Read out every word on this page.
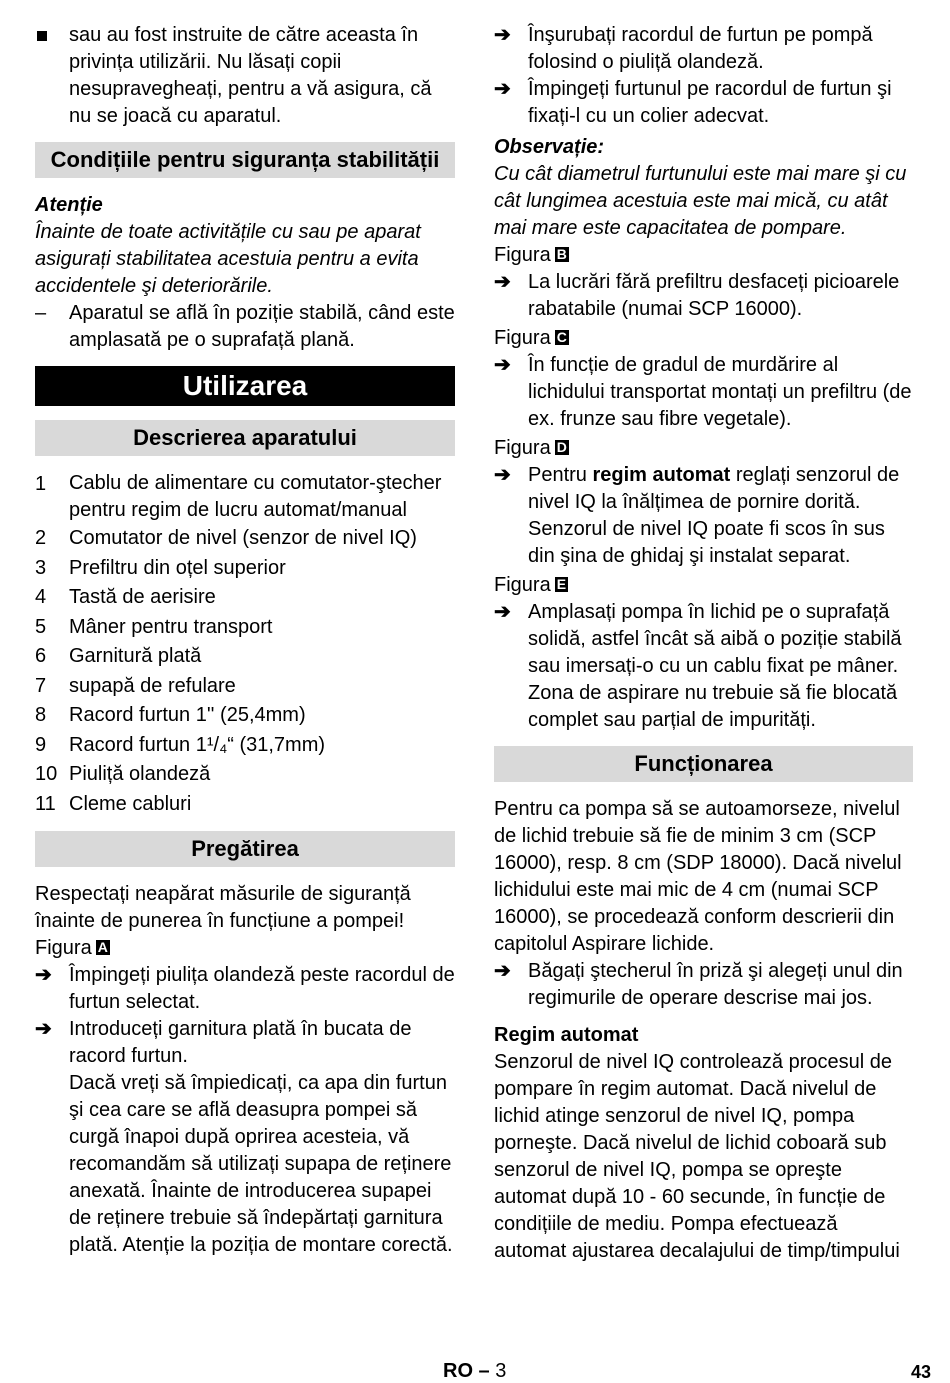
sau au fost instruite de către aceasta în privința utilizării. Nu lăsați copii nesupravegheați, pentru a vă asigura, că nu se joacă cu aparatul.
Condițiile pentru siguranța stabilității

Atenție

Înainte de toate activitățile cu sau pe aparat asigurați stabilitatea acestuia pentru a evita accidentele şi deteriorările.

–	Aparatul se află în poziție stabilă, când este amplasată pe o suprafață plană.
Utilizarea
Descrierea aparatului
1	Cablu de alimentare cu comutator-ştecher pentru regim de lucru automat/manual
2	Comutator de nivel (senzor de nivel IQ)
3	Prefiltru din oțel superior
4	Tastă de aerisire
5	Mâner pentru transport
6	Garnitură plată
7	supapă de refulare
8	Racord furtun 1'' (25,4mm)
9	Racord furtun 1¹/₄“ (31,7mm)
10 Piuliță olandeză
11 Cleme cabluri
Pregătirea

Respectați neapărat măsurile de siguranță înainte de punerea în funcțiune a pompei!

Figura A

➔ Împingeți piulița olandeză peste racordul de furtun selectat.
➔ Introduceți garnitura plată în bucata de racord furtun.
Dacă vreți să împiedicați, ca apa din furtun şi cea care se află deasupra pompei să curgă înapoi după oprirea acesteia, vă recomandăm să utilizați supapa de reținere anexată. Înainte de introducerea supapei de reținere trebuie să îndepărtați garnitura plată. Atenție la poziția de montare corectă.
➔ Înşurubați racordul de furtun pe pompă folosind o piuliță olandeză.
➔ Împingeți furtunul pe racordul de furtun şi fixați-l cu un colier adecvat.

Observație:

Cu cât diametrul furtunului este mai mare şi cu cât lungimea acestuia este mai mică, cu atât mai mare este capacitatea de pompare.

Figura B

➔ La lucrări fără prefiltru desfaceți picioarele rabatabile (numai SCP 16000).

Figura C

➔ În funcție de gradul de murdărire al lichidului transportat montați un prefiltru (de ex. frunze sau fibre vegetale).

Figura D

➔ Pentru regim automat reglați senzorul de nivel IQ la înălțimea de pornire dorită.
Senzorul de nivel IQ poate fi scos în sus din şina de ghidaj şi instalat separat.

Figura E

➔ Amplasați pompa în lichid pe o suprafață solidă, astfel încât să aibă o poziție stabilă sau imersați-o cu un cablu fixat pe mâner.
Zona de aspirare nu trebuie să fie blocată complet sau parțial de impurități.
Funcționarea

Pentru ca pompa să se autoamorseze, nivelul de lichid trebuie să fie de minim 3 cm (SCP 16000), resp. 8 cm (SDP 18000). Dacă nivelul lichidului este mai mic de 4 cm (numai SCP 16000), se procedează conform descrierii din capitolul Aspirare lichide.

➔ Băgați ştecherul în priză şi alegeți unul din regimurile de operare descrise mai jos.

Regim automat

Senzorul de nivel IQ controlează procesul de pompare în regim automat. Dacă nivelul de lichid atinge senzorul de nivel IQ, pompa porneşte. Dacă nivelul de lichid coboară sub senzorul de nivel IQ, pompa se opreşte automat după 10 - 60 secunde, în funcție de condițiile de mediu. Pompa efectuează automat ajustarea decalajului de timp/timpului

RO – 3	43
